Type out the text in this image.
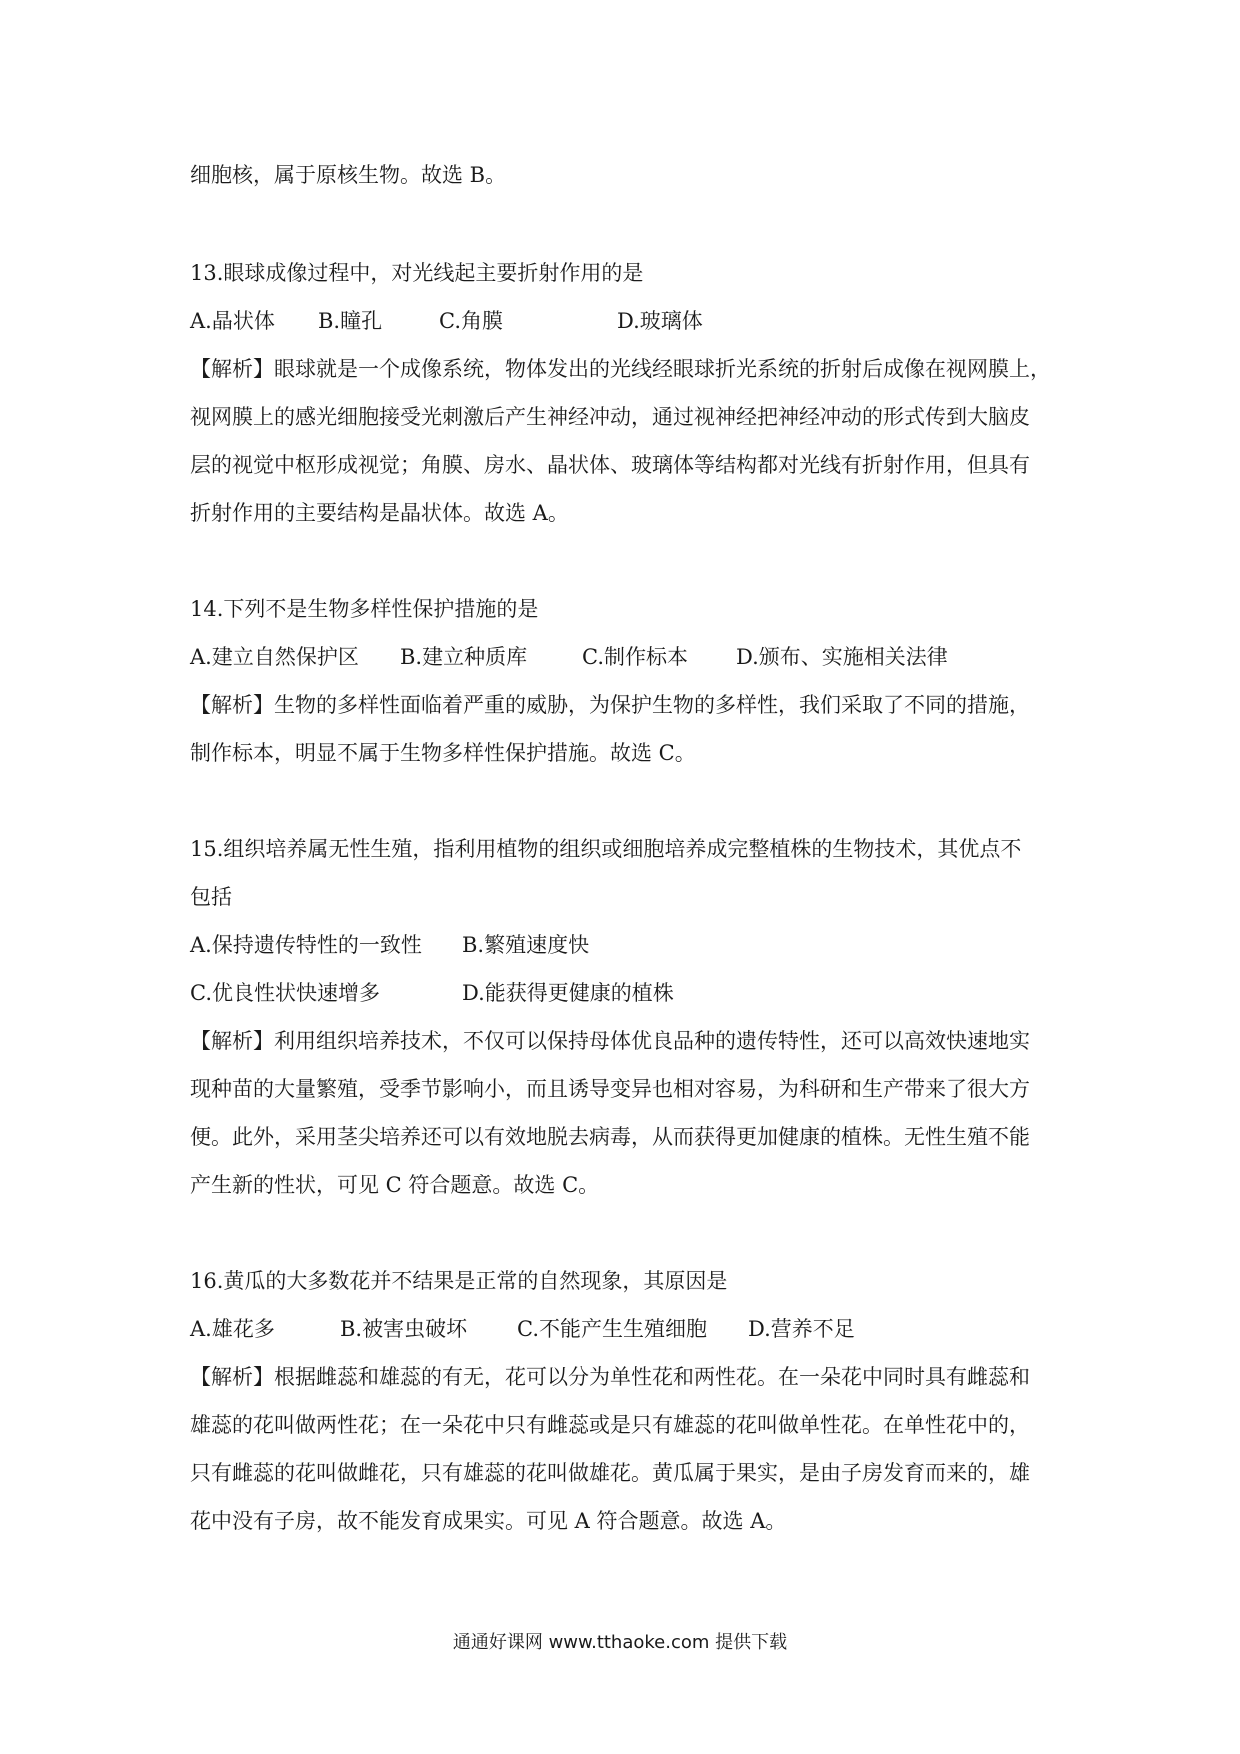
细胞核，属于原核生物。故选 B。
13.眼球成像过程中，对光线起主要折射作用的是
A.晶状体 B.瞳孔	C.角膜	D.玻璃体
【解析】眼球就是一个成像系统，物体发出的光线经眼球折光系统的折射后成像在视网膜上，
视网膜上的感光细胞接受光刺激后产生神经冲动，通过视神经把神经冲动的形式传到大脑皮
层的视觉中枢形成视觉；角膜、房水、晶状体、玻璃体等结构都对光线有折射作用，但具有
折射作用的主要结构是晶状体。故选 A。
14.下列不是生物多样性保护措施的是
A.建立自然保护区 B.建立种质库	C.制作标本 D.颁布、实施相关法律
【解析】生物的多样性面临着严重的威胁，为保护生物的多样性，我们采取了不同的措施，
制作标本，明显不属于生物多样性保护措施。故选 C。
15.组织培养属无性生殖，指利用植物的组织或细胞培养成完整植株的生物技术，其优点不
包括
A.保持遗传特性的一致性 B.繁殖速度快
C.优良性状快速增多	D.能获得更健康的植株
【解析】利用组织培养技术，不仅可以保持母体优良品种的遗传特性，还可以高效快速地实
现种苗的大量繁殖，受季节影响小，而且诱导变异也相对容易，为科研和生产带来了很大方
便。此外，采用茎尖培养还可以有效地脱去病毒，从而获得更加健康的植株。无性生殖不能
产生新的性状，可见 C 符合题意。故选 C。
16.黄瓜的大多数花并不结果是正常的自然现象，其原因是
A.雄花多	B.被害虫破坏 C.不能产生生殖细胞 D.营养不足
【解析】根据雌蕊和雄蕊的有无，花可以分为单性花和两性花。在一朵花中同时具有雌蕊和
雄蕊的花叫做两性花；在一朵花中只有雌蕊或是只有雄蕊的花叫做单性花。在单性花中的，
只有雌蕊的花叫做雌花，只有雄蕊的花叫做雄花。黄瓜属于果实，是由子房发育而来的，雄
花中没有子房，故不能发育成果实。可见 A 符合题意。故选 A。
通通好课网 www.tthaoke.com 提供下载
